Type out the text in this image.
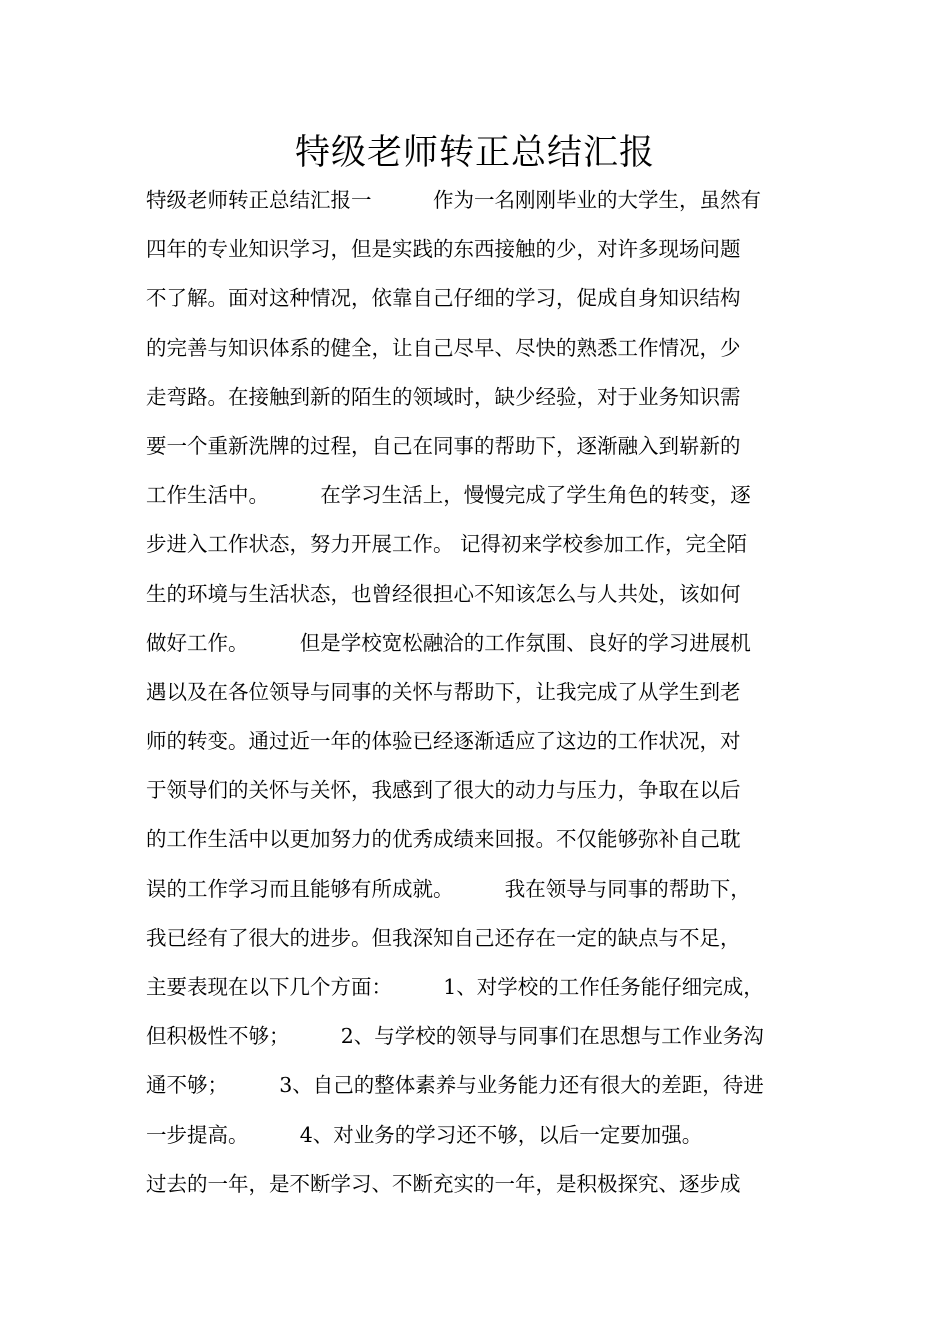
特级老师转正总结汇报
特级老师转正总结汇报一　　　作为一名刚刚毕业的大学生，虽然有
四年的专业知识学习，但是实践的东西接触的少，对许多现场问题
不了解。面对这种情况，依靠自己仔细的学习，促成自身知识结构
的完善与知识体系的健全，让自己尽早、尽快的熟悉工作情况，少
走弯路。在接触到新的陌生的领域时，缺少经验，对于业务知识需
要一个重新洗牌的过程，自己在同事的帮助下，逐渐融入到崭新的
工作生活中。　　　在学习生活上，慢慢完成了学生角色的转变，逐
步进入工作状态，努力开展工作。 记得初来学校参加工作，完全陌
生的环境与生活状态，也曾经很担心不知该怎么与人共处，该如何
做好工作。　　　但是学校宽松融洽的工作氛围、良好的学习进展机
遇以及在各位领导与同事的关怀与帮助下，让我完成了从学生到老
师的转变。通过近一年的体验已经逐渐适应了这边的工作状况，对
于领导们的关怀与关怀，我感到了很大的动力与压力，争取在以后
的工作生活中以更加努力的优秀成绩来回报。不仅能够弥补自己耽
误的工作学习而且能够有所成就。　　　我在领导与同事的帮助下，
我已经有了很大的进步。但我深知自己还存在一定的缺点与不足，
主要表现在以下几个方面：　　　1、对学校的工作任务能仔细完成，
但积极性不够；　　　2、与学校的领导与同事们在思想与工作业务沟
通不够；　　　3、自己的整体素养与业务能力还有很大的差距，待进
一步提高。　　　4、对业务的学习还不够，以后一定要加强。
过去的一年，是不断学习、不断充实的一年，是积极探究、逐步成
